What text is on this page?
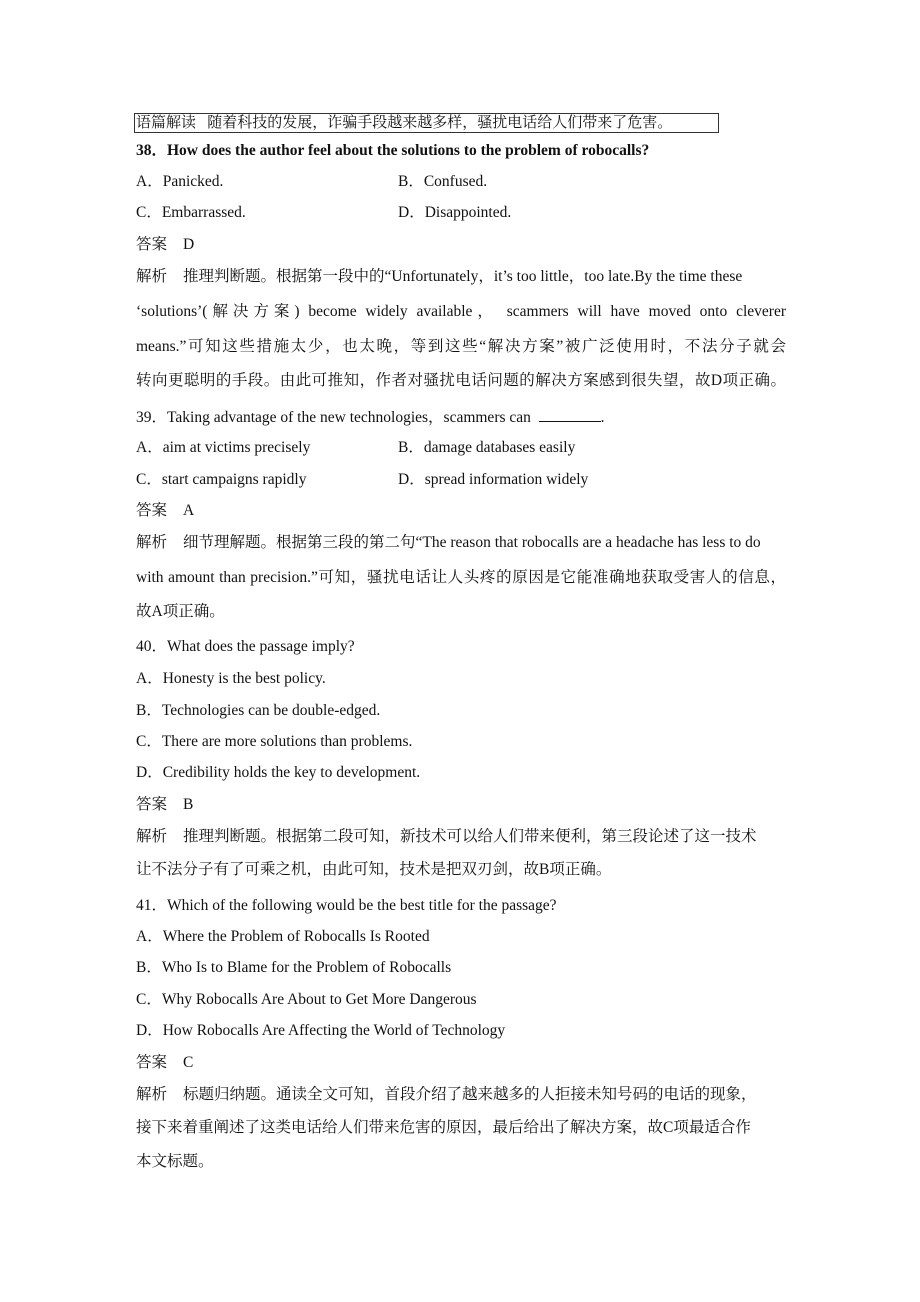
语篇解读 随着科技的发展，诈骗手段越来越多样，骚扰电话给人们带来了危害。
38．How does the author feel about the solutions to the problem of robocalls?
A．Panicked.	B．Confused.
C．Embarrassed.	D．Disappointed.
答案 D
解析 推理判断题。根据第一段中的“Unfortunately，it’s too little，too late.By the time these
‘solutions’(解决方案) become widely available， scammers will have moved onto cleverer
means.”可知这些措施太少，也太晚，等到这些“解决方案”被广泛使用时，不法分子就会
转向更聪明的手段。由此可推知，作者对骚扰电话问题的解决方案感到很失望，故D项正确。
39．Taking advantage of the new technologies，scammers can	.
A．aim at victims precisely	B．damage databases easily
C．start campaigns rapidly	D．spread information widely
答案 A
解析 细节理解题。根据第三段的第二句“The reason that robocalls are a headache has less to do
with amount than precision.”可知，骚扰电话让人头疼的原因是它能准确地获取受害人的信息，
故A项正确。
40．What does the passage imply?
A．Honesty is the best policy.
B．Technologies can be double-edged.
C．There are more solutions than problems.
D．Credibility holds the key to development.
答案 B
解析 推理判断题。根据第二段可知，新技术可以给人们带来便利，第三段论述了这一技术
让不法分子有了可乘之机，由此可知，技术是把双刃剑，故B项正确。
41．Which of the following would be the best title for the passage?
A．Where the Problem of Robocalls Is Rooted
B．Who Is to Blame for the Problem of Robocalls
C．Why Robocalls Are About to Get More Dangerous
D．How Robocalls Are Affecting the World of Technology
答案 C
解析 标题归纳题。通读全文可知，首段介绍了越来越多的人拒接未知号码的电话的现象，
接下来着重阐述了这类电话给人们带来危害的原因，最后给出了解决方案，故C项最适合作
本文标题。
